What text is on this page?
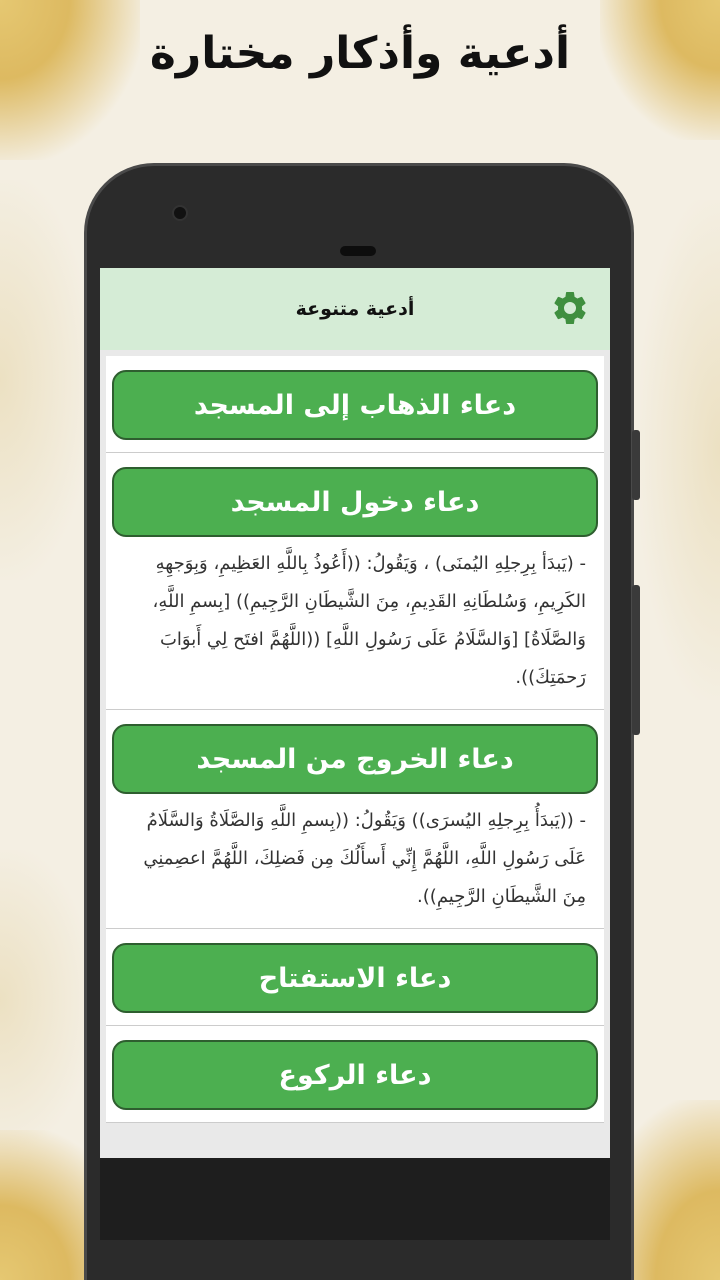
أدعية وأذكار مختارة
أدعية متنوعة
دعاء الذهاب إلى المسجد
دعاء دخول المسجد
- (يَبدَأ بِرِجلِهِ اليُمنَى) ، وَيَقُولُ: ((أَعُوذُ بِاللَّهِ العَظِيمِ، وَبِوَجهِهِ الكَرِيمِ، وَسُلطَانِهِ القَدِيمِ، مِنَ الشَّيطَانِ الرَّجِيمِ)) [بِسمِ اللَّهِ، وَالصَّلَاةُ] [وَالسَّلَامُ عَلَى رَسُولِ اللَّهِ] ((اللَّهُمَّ افتَح لِي أَبوَابَ رَحمَتِكَ)).
دعاء الخروج من المسجد
- ((يَبدَأُ بِرِجلِهِ اليُسرَى)) وَيَقُولُ: ((بِسمِ اللَّهِ وَالصَّلَاةُ وَالسَّلَامُ عَلَى رَسُولِ اللَّهِ، اللَّهُمَّ إِنِّي أَسأَلُكَ مِن فَضلِكَ، اللَّهُمَّ اعصِمنِي مِنَ الشَّيطَانِ الرَّجِيمِ)).
دعاء الاستفتاح
دعاء الركوع
